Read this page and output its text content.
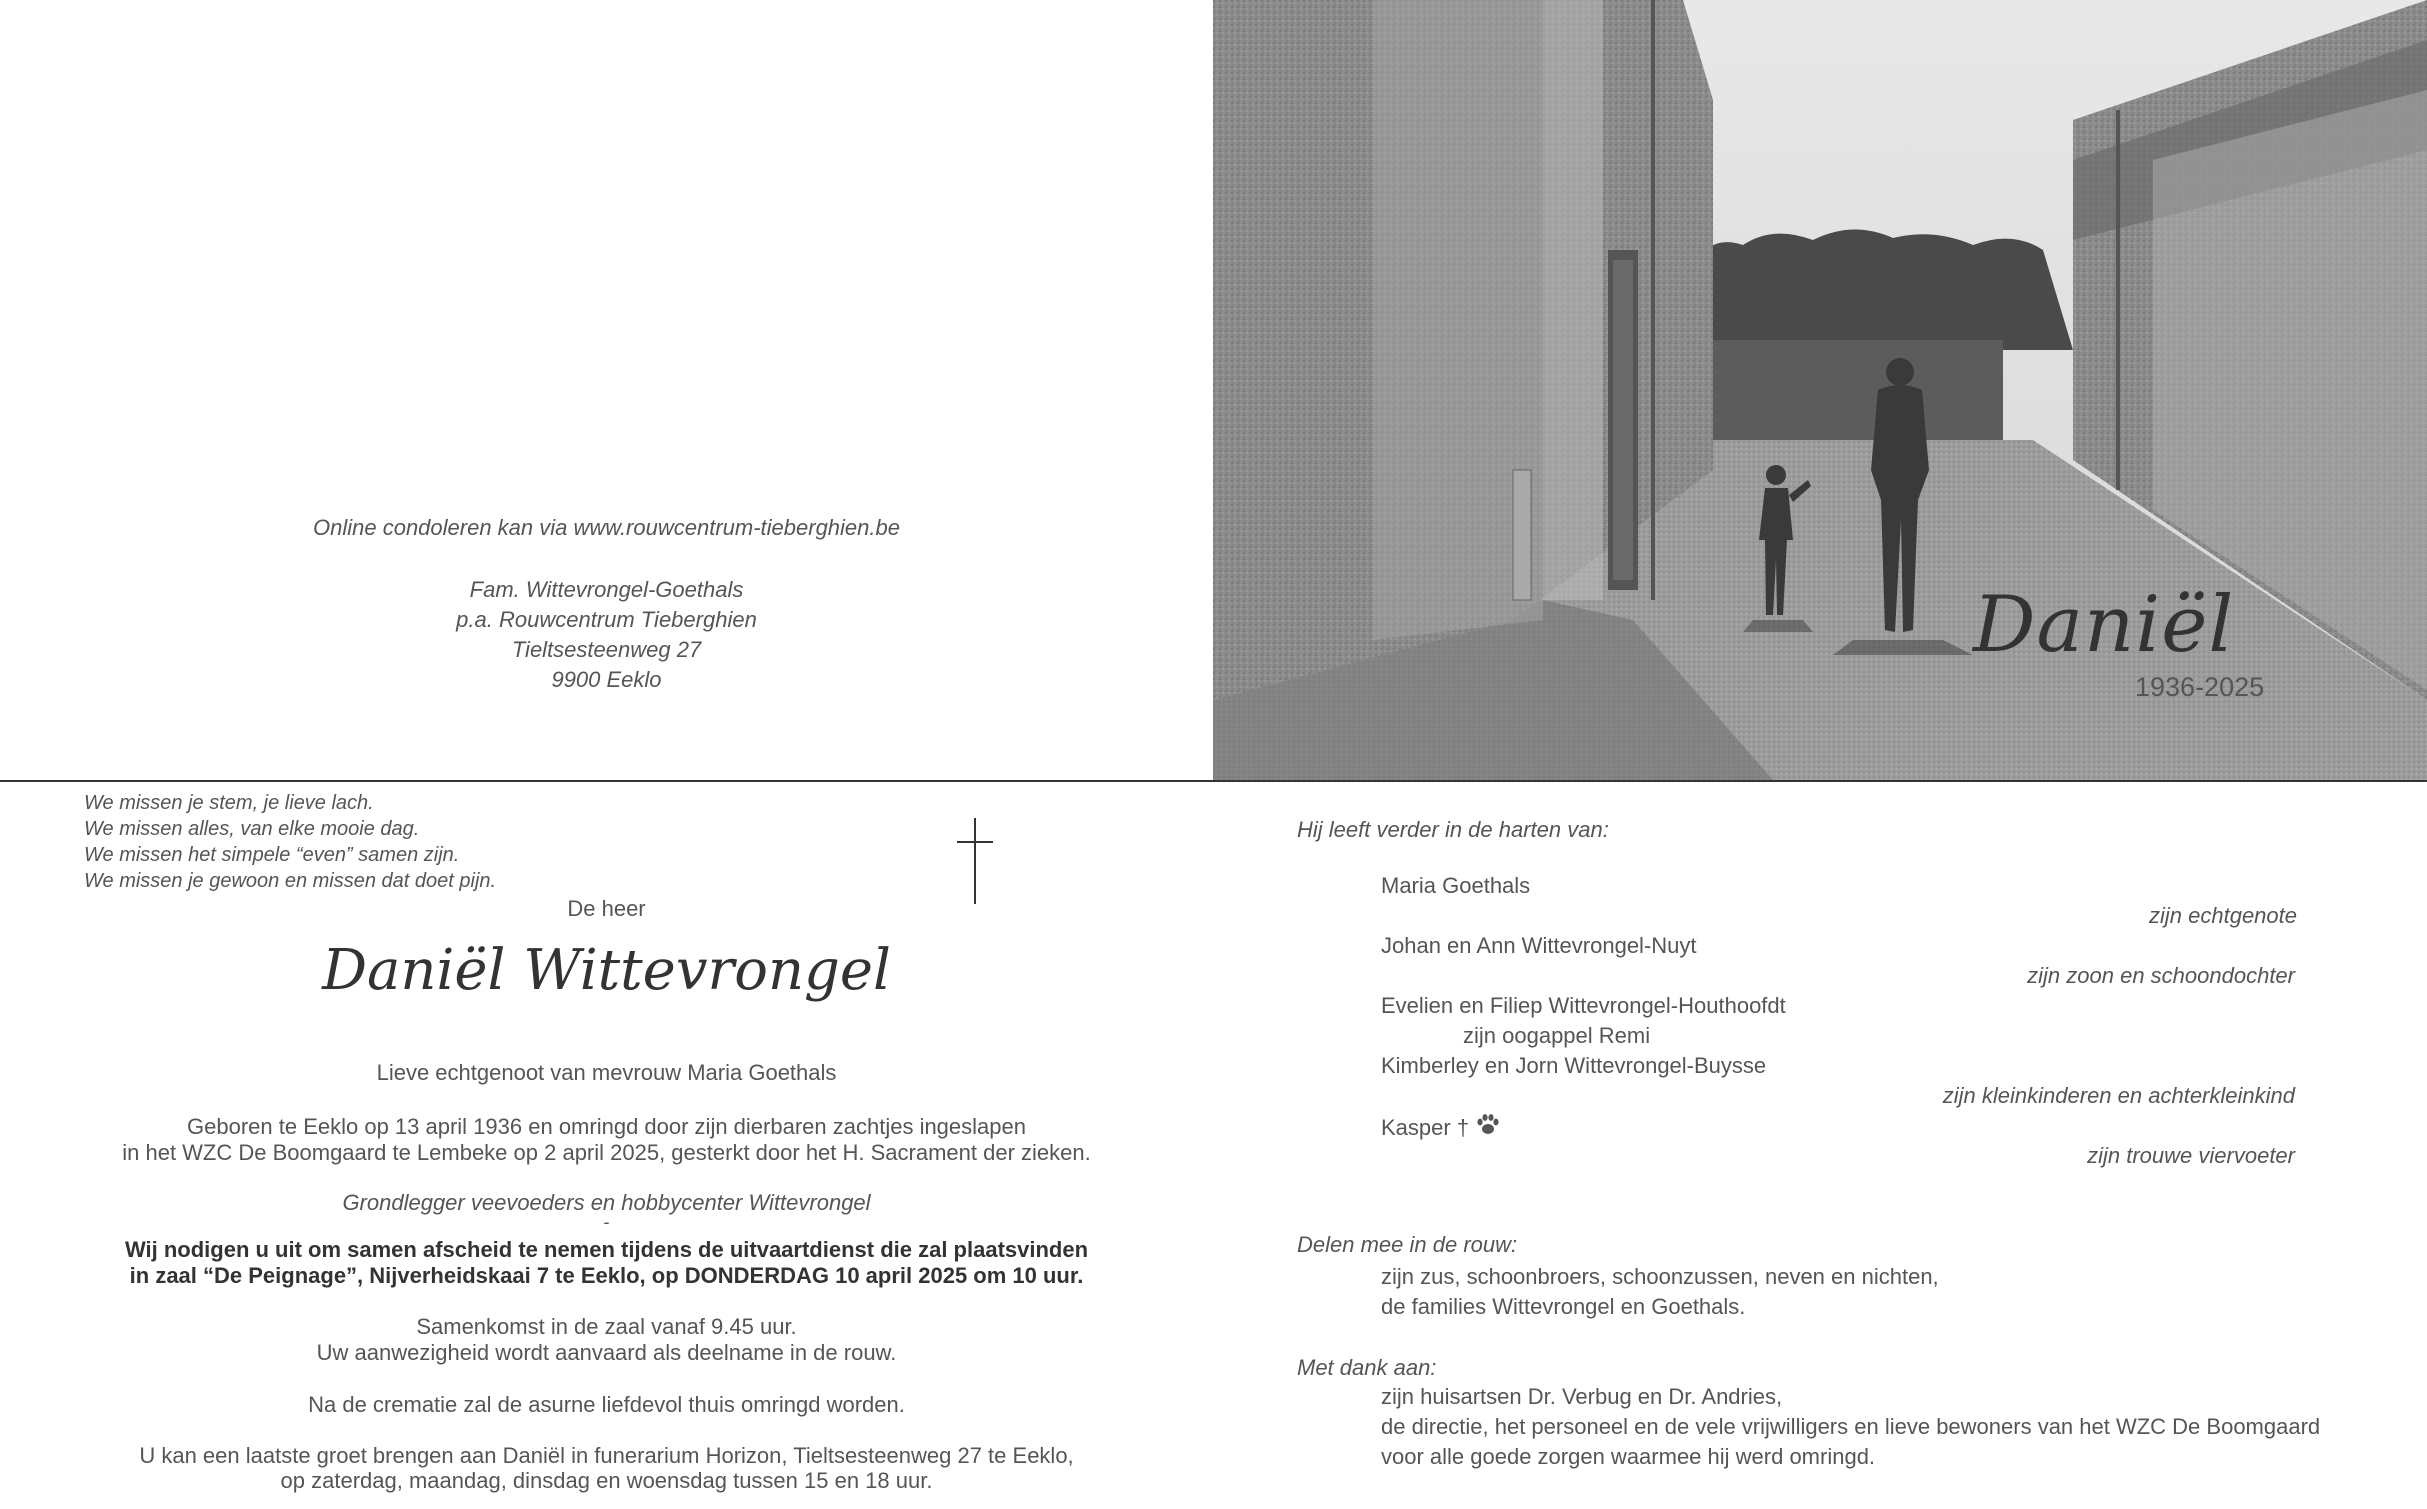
Online condoleren kan via www.rouwcentrum-tieberghien.be
Fam. Wittevrongel-Goethals
p.a. Rouwcentrum Tieberghien
Tieltsesteenweg 27
9900 Eeklo
Daniël
1936-2025
We missen je stem, je lieve lach.
We missen alles, van elke mooie dag.
We missen het simpele “even” samen zijn.
We missen je gewoon en missen dat doet pijn.
De heer
Daniël Wittevrongel
Lieve echtgenoot van mevrouw Maria Goethals
Geboren te Eeklo op 13 april 1936 en omringd door zijn dierbaren zachtjes ingeslapen
in het WZC De Boomgaard te Lembeke op 2 april 2025, gesterkt door het H. Sacrament der zieken.
Grondlegger veevoeders en hobbycenter Wittevrongel
-
Wij nodigen u uit om samen afscheid te nemen tijdens de uitvaartdienst die zal plaatsvinden
in zaal “De Peignage”, Nijverheidskaai 7 te Eeklo, op DONDERDAG 10 april 2025 om 10 uur.
Samenkomst in de zaal vanaf 9.45 uur.
Uw aanwezigheid wordt aanvaard als deelname in de rouw.
Na de crematie zal de asurne liefdevol thuis omringd worden.
U kan een laatste groet brengen aan Daniël in funerarium Horizon, Tieltsesteenweg 27 te Eeklo,
op zaterdag, maandag, dinsdag en woensdag tussen 15 en 18 uur.
Hij leeft verder in de harten van:
Maria Goethals
zijn echtgenote
Johan en Ann Wittevrongel-Nuyt
zijn zoon en schoondochter
Evelien en Filiep Wittevrongel-Houthoofdt
zijn oogappel Remi
Kimberley en Jorn Wittevrongel-Buysse
zijn kleinkinderen en achterkleinkind
Kasper †
zijn trouwe viervoeter
Delen mee in de rouw:
zijn zus, schoonbroers, schoonzussen, neven en nichten,
de families Wittevrongel en Goethals.
Met dank aan:
zijn huisartsen Dr. Verbug en Dr. Andries,
de directie, het personeel en de vele vrijwilligers en lieve bewoners van het WZC De Boomgaard
voor alle goede zorgen waarmee hij werd omringd.
